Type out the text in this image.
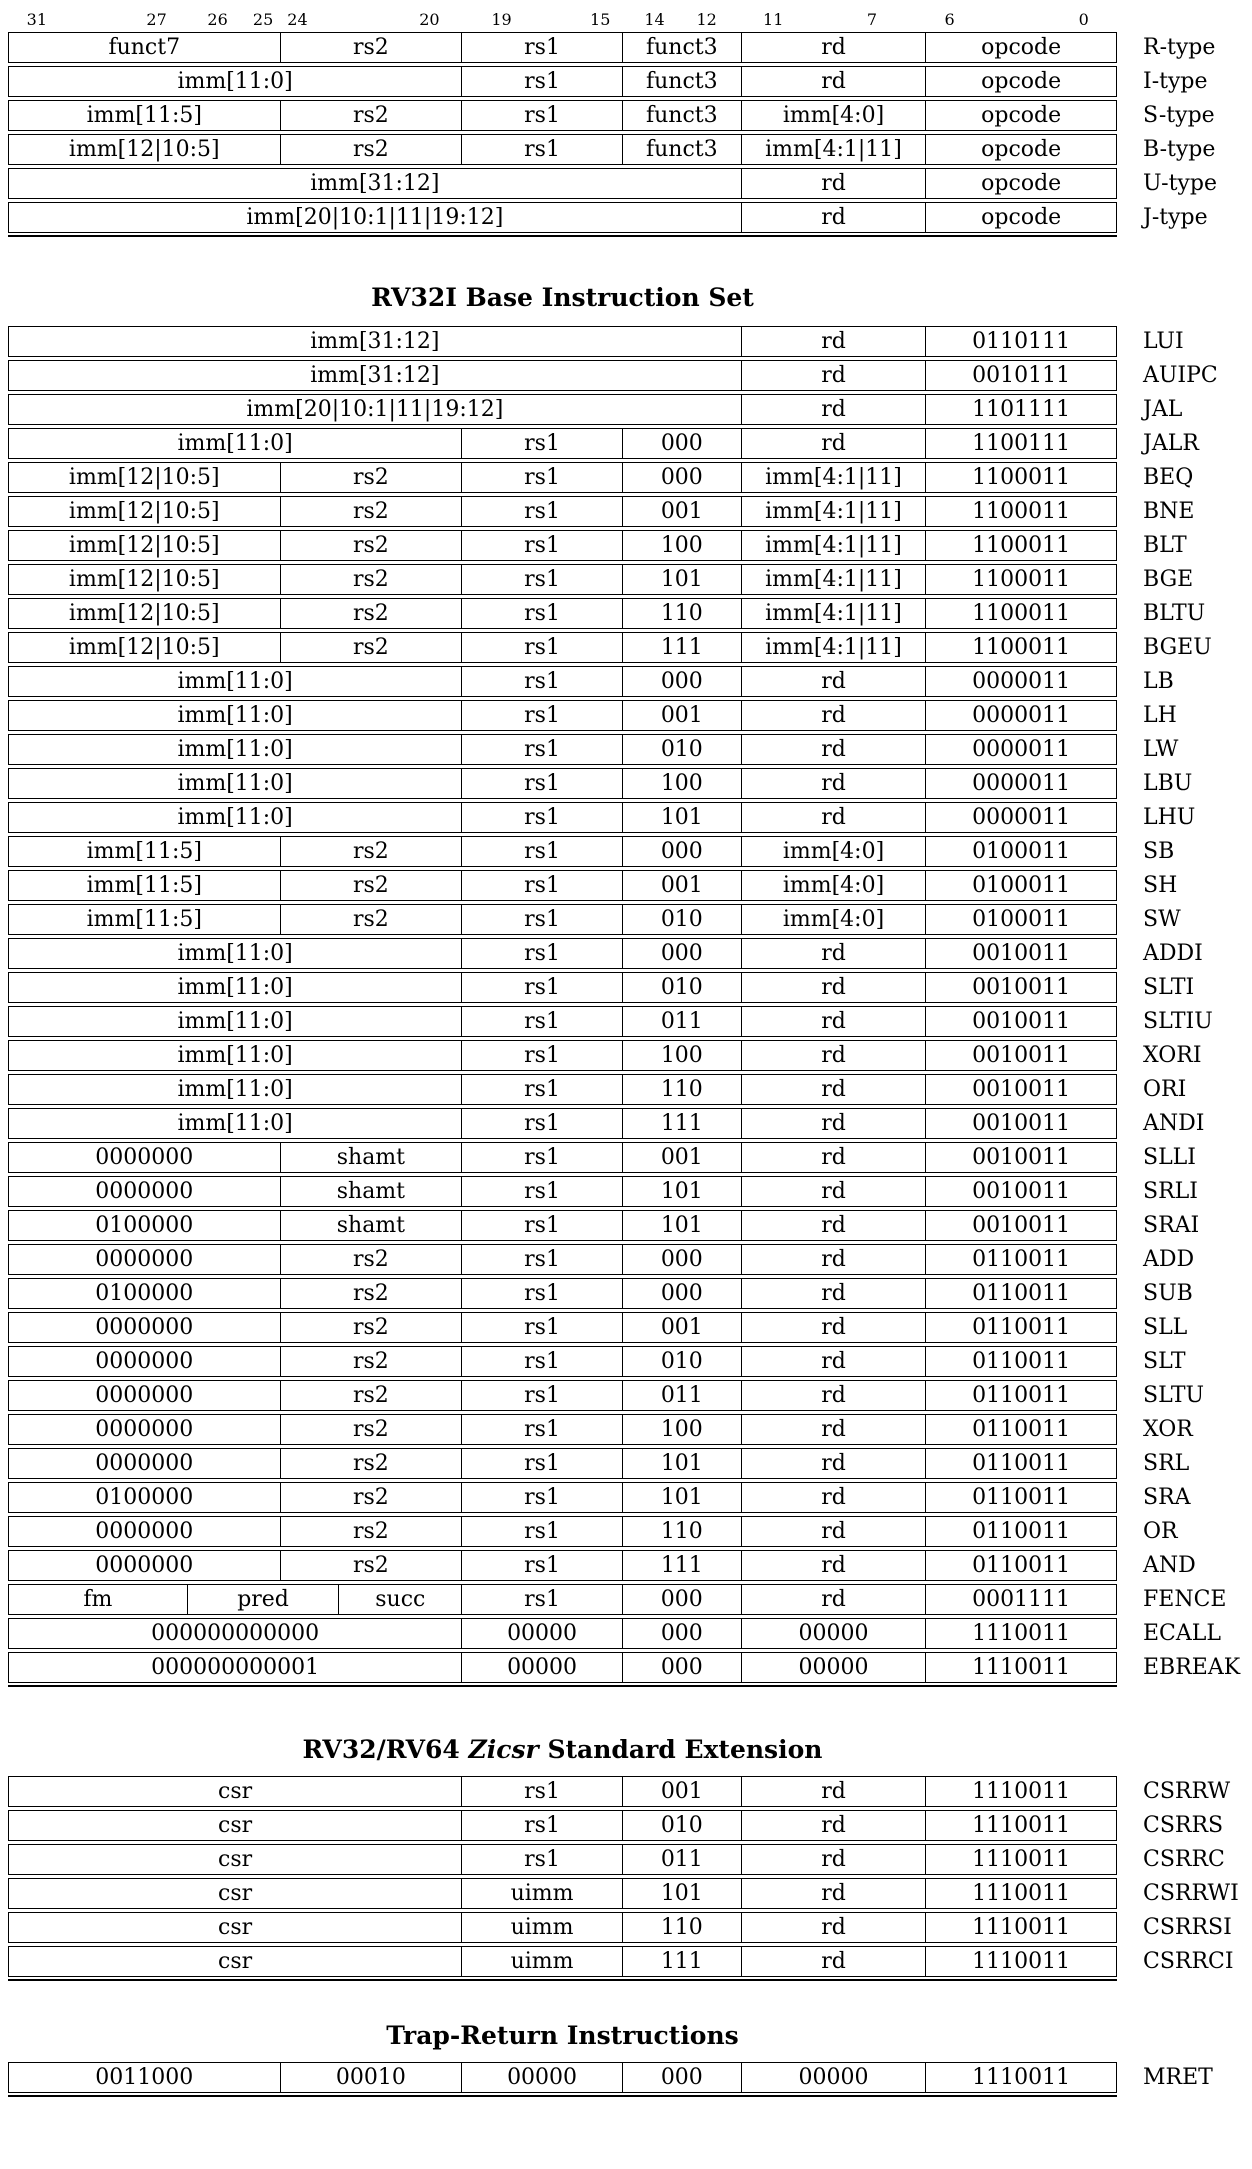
31	27	26 25 24	20	19	15 14 12	11	7	6	0
funct7	rs2	rs1	funct3	rd	opcode	R-type
imm[11:0]	rs1	funct3	rd	opcode	I-type
imm[11:5]	rs2	rs1	funct3	imm[4:0]	opcode	S-type
imm[12|10:5]	rs2	rs1	funct3	imm[4:1|11]	opcode	B-type
imm[31:12]	rd	opcode	U-type
imm[20|10:1|11|19:12]	rd	opcode	J-type
RV32I Base Instruction Set
imm[31:12]	rd	0110111	LUI
imm[31:12]	rd	0010111	AUIPC
imm[20|10:1|11|19:12]	rd	1101111	JAL
imm[11:0]	rs1	000	rd	1100111	JALR
imm[12|10:5]	rs2	rs1	000	imm[4:1|11]	1100011	BEQ
imm[12|10:5]	rs2	rs1	001	imm[4:1|11]	1100011	BNE
imm[12|10:5]	rs2	rs1	100	imm[4:1|11]	1100011	BLT
imm[12|10:5]	rs2	rs1	101	imm[4:1|11]	1100011	BGE
imm[12|10:5]	rs2	rs1	110	imm[4:1|11]	1100011	BLTU
imm[12|10:5]	rs2	rs1	111	imm[4:1|11]	1100011	BGEU
imm[11:0]	rs1	000	rd	0000011	LB
imm[11:0]	rs1	001	rd	0000011	LH
imm[11:0]	rs1	010	rd	0000011	LW
imm[11:0]	rs1	100	rd	0000011	LBU
imm[11:0]	rs1	101	rd	0000011	LHU
imm[11:5]	rs2	rs1	000	imm[4:0]	0100011	SB
imm[11:5]	rs2	rs1	001	imm[4:0]	0100011	SH
imm[11:5]	rs2	rs1	010	imm[4:0]	0100011	SW
imm[11:0]	rs1	000	rd	0010011	ADDI
imm[11:0]	rs1	010	rd	0010011	SLTI
imm[11:0]	rs1	011	rd	0010011	SLTIU
imm[11:0]	rs1	100	rd	0010011	XORI
imm[11:0]	rs1	110	rd	0010011	ORI
imm[11:0]	rs1	111	rd	0010011	ANDI
0000000	shamt	rs1	001	rd	0010011	SLLI
0000000	shamt	rs1	101	rd	0010011	SRLI
0100000	shamt	rs1	101	rd	0010011	SRAI
0000000	rs2	rs1	000	rd	0110011	ADD
0100000	rs2	rs1	000	rd	0110011	SUB
0000000	rs2	rs1	001	rd	0110011	SLL
0000000	rs2	rs1	010	rd	0110011	SLT
0000000	rs2	rs1	011	rd	0110011	SLTU
0000000	rs2	rs1	100	rd	0110011	XOR
0000000	rs2	rs1	101	rd	0110011	SRL
0100000	rs2	rs1	101	rd	0110011	SRA
0000000	rs2	rs1	110	rd	0110011	OR
0000000	rs2	rs1	111	rd	0110011	AND
fm	pred	succ	rs1	000	rd	0001111	FENCE
000000000000	00000	000	00000	1110011	ECALL
000000000001	00000	000	00000	1110011	EBREAK
RV32/RV64 Zicsr Standard Extension
csr	rs1	001	rd	1110011	CSRRW
csr	rs1	010	rd	1110011	CSRRS
csr	rs1	011	rd	1110011	CSRRC
csr	uimm	101	rd	1110011	CSRRWI
csr	uimm	110	rd	1110011	CSRRSI
csr	uimm	111	rd	1110011	CSRRCI
Trap-Return Instructions
0011000	00010	00000	000	00000	1110011	MRET
